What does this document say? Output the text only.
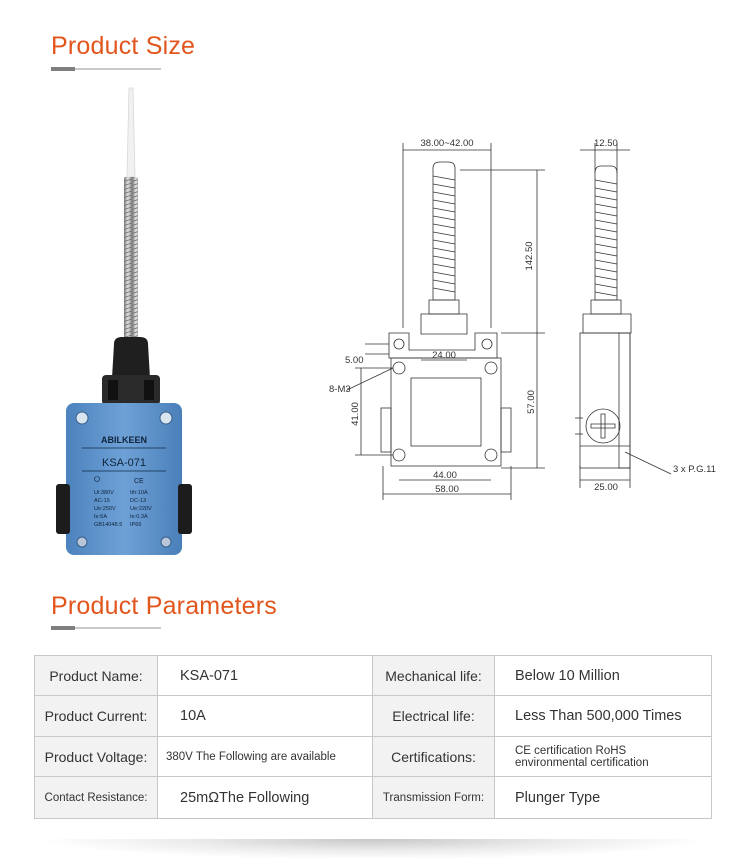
Product Size
ABILKEEN
KSA-071
CE
Ui:380V
AC-15
Ue:250V
Ie:6A
GB14048.5
Ith:10A
DC-13
Ue:220V
Ie:0.3A
IP66
38.00~42.00
142.50
5.00	24.00
8-M3
41.00
57.00
44.00
58.00
12.50
25.00
3 x P.G.11
Product Parameters
Product Name:	KSA-071	Mechanical life:	Below 10 Million
Product Current:	10A	Electrical life:	Less Than 500,000 Times
Product Voltage:	380V The Following are available	Certifications:	CE certification RoHS
environmental certification

Contact Resistance:	25mΩThe Following	Transmission Form:	Plunger Type
